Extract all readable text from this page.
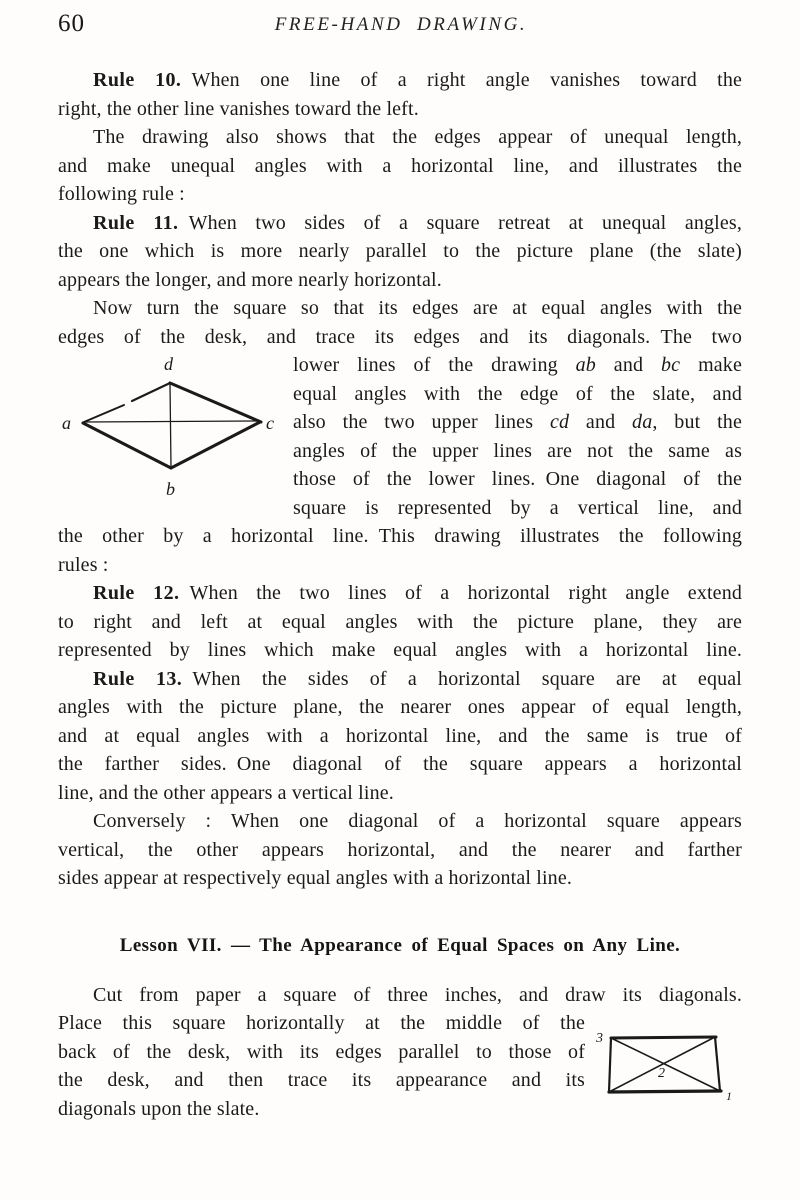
60	FREE-HAND DRAWING.
Rule 10. When one line of a right angle vanishes toward the
right, the other line vanishes toward the left.
The drawing also shows that the edges appear of unequal length,
and make unequal angles with a horizontal line, and illustrates the
following rule :
Rule 11. When two sides of a square retreat at unequal angles,
the one which is more nearly parallel to the picture plane (the slate)
appears the longer, and more nearly horizontal.
Now turn the square so that its edges are at equal angles with the
edges of the desk, and trace its edges and its diagonals. The two
d
a	c
b
lower lines of the drawing ab and bc make
equal angles with the edge of the slate, and
also the two upper lines cd and da, but the
angles of the upper lines are not the same as
those of the lower lines. One diagonal of the
square is represented by a vertical line, and
the other by a horizontal line. This drawing illustrates the following
rules :
Rule 12. When the two lines of a horizontal right angle extend
to right and left at equal angles with the picture plane, they are
represented by lines which make equal angles with a horizontal line.
Rule 13. When the sides of a horizontal square are at equal
angles with the picture plane, the nearer ones appear of equal length,
and at equal angles with a horizontal line, and the same is true of
the farther sides. One diagonal of the square appears a horizontal
line, and the other appears a vertical line.
Conversely : When one diagonal of a horizontal square appears
vertical, the other appears horizontal, and the nearer and farther
sides appear at respectively equal angles with a horizontal line.
Lesson VII. — The Appearance of Equal Spaces on Any Line.
Cut from paper a square of three inches, and draw its diagonals.
3
2
1
Place this square horizontally at the middle of the
back of the desk, with its edges parallel to those of
the desk, and then trace its appearance and its
diagonals upon the slate.
